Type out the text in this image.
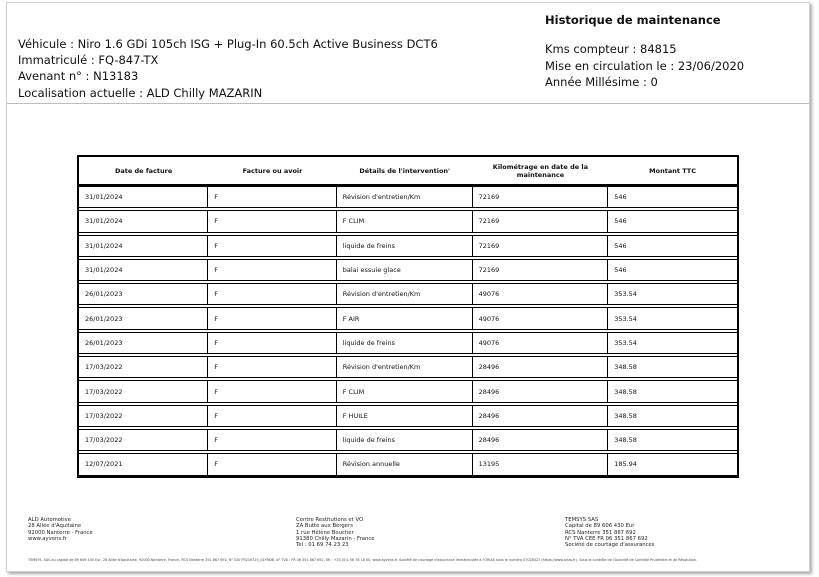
Véhicule : Niro 1.6 GDi 105ch ISG + Plug-In 60.5ch Active Business DCT6
Immatriculé : FQ-847-TX
Avenant n° : N13183
Localisation actuelle : ALD Chilly MAZARIN
Historique de maintenance
Kms compteur : 84815
Mise en circulation le : 23/06/2020
Année Millésime : 0
Date de facture	Facture ou avoir	Détails de l'intervention'	Kilométrage en date de la maintenance	Montant TTC
31/01/2024	F	Révision d'entretien/Km	72169	546

31/01/2024	F	F CLIM	72169	546

31/01/2024	F	liquide de freins	72169	546

31/01/2024	F	balai essuie glace	72169	546

26/01/2023	F	Révision d'entretien/Km	49076	353.54

26/01/2023	F	F AIR	49076	353.54

26/01/2023	F	liquide de freins	49076	353.54

17/03/2022	F	Révision d'entretien/Km	28496	348.58

17/03/2022	F	F CLIM	28496	348.58

17/03/2022	F	F HUILE	28496	348.58

17/03/2022	F	liquide de freins	28496	348.58

12/07/2021	F	Révision annuelle	13195	185.94
ALD Automotive
28 Allée d'Aquitaine
92000 Nanterre - France
www.ayvens.fr
Centre Restitutions et VO
ZA Butte aux Bergers
1 rue Hélène Boucher
91380 Chilly Mazarin - France
Tel : 01 69 74 23 23
TEMSYS SAS
Capital de 89 606 430 Eur
RCS Nanterre 351 867 692
N° TVA CEE FR 06 351 867 692
Société de courtage d'assurances
TEMSYS, SAS au capital de 89 606 430 Eur, 28 Allée d'Aquitaine, 92000 Nanterre, France, RCS Nanterre 351 867 692, N° IDU FR216725_01YRDB, N° TVA : FR 06 351 867 692, Tél : +33 (0)1 56 78 18 00, www.ayvens.fr. Société de courtage d'assurance immatriculée à l'ORIAS sous le numéro 07028427 (https://www.orias.fr). Sous le contrôle de l'Autorité de Contrôle Prudentiel et de Résolution.
